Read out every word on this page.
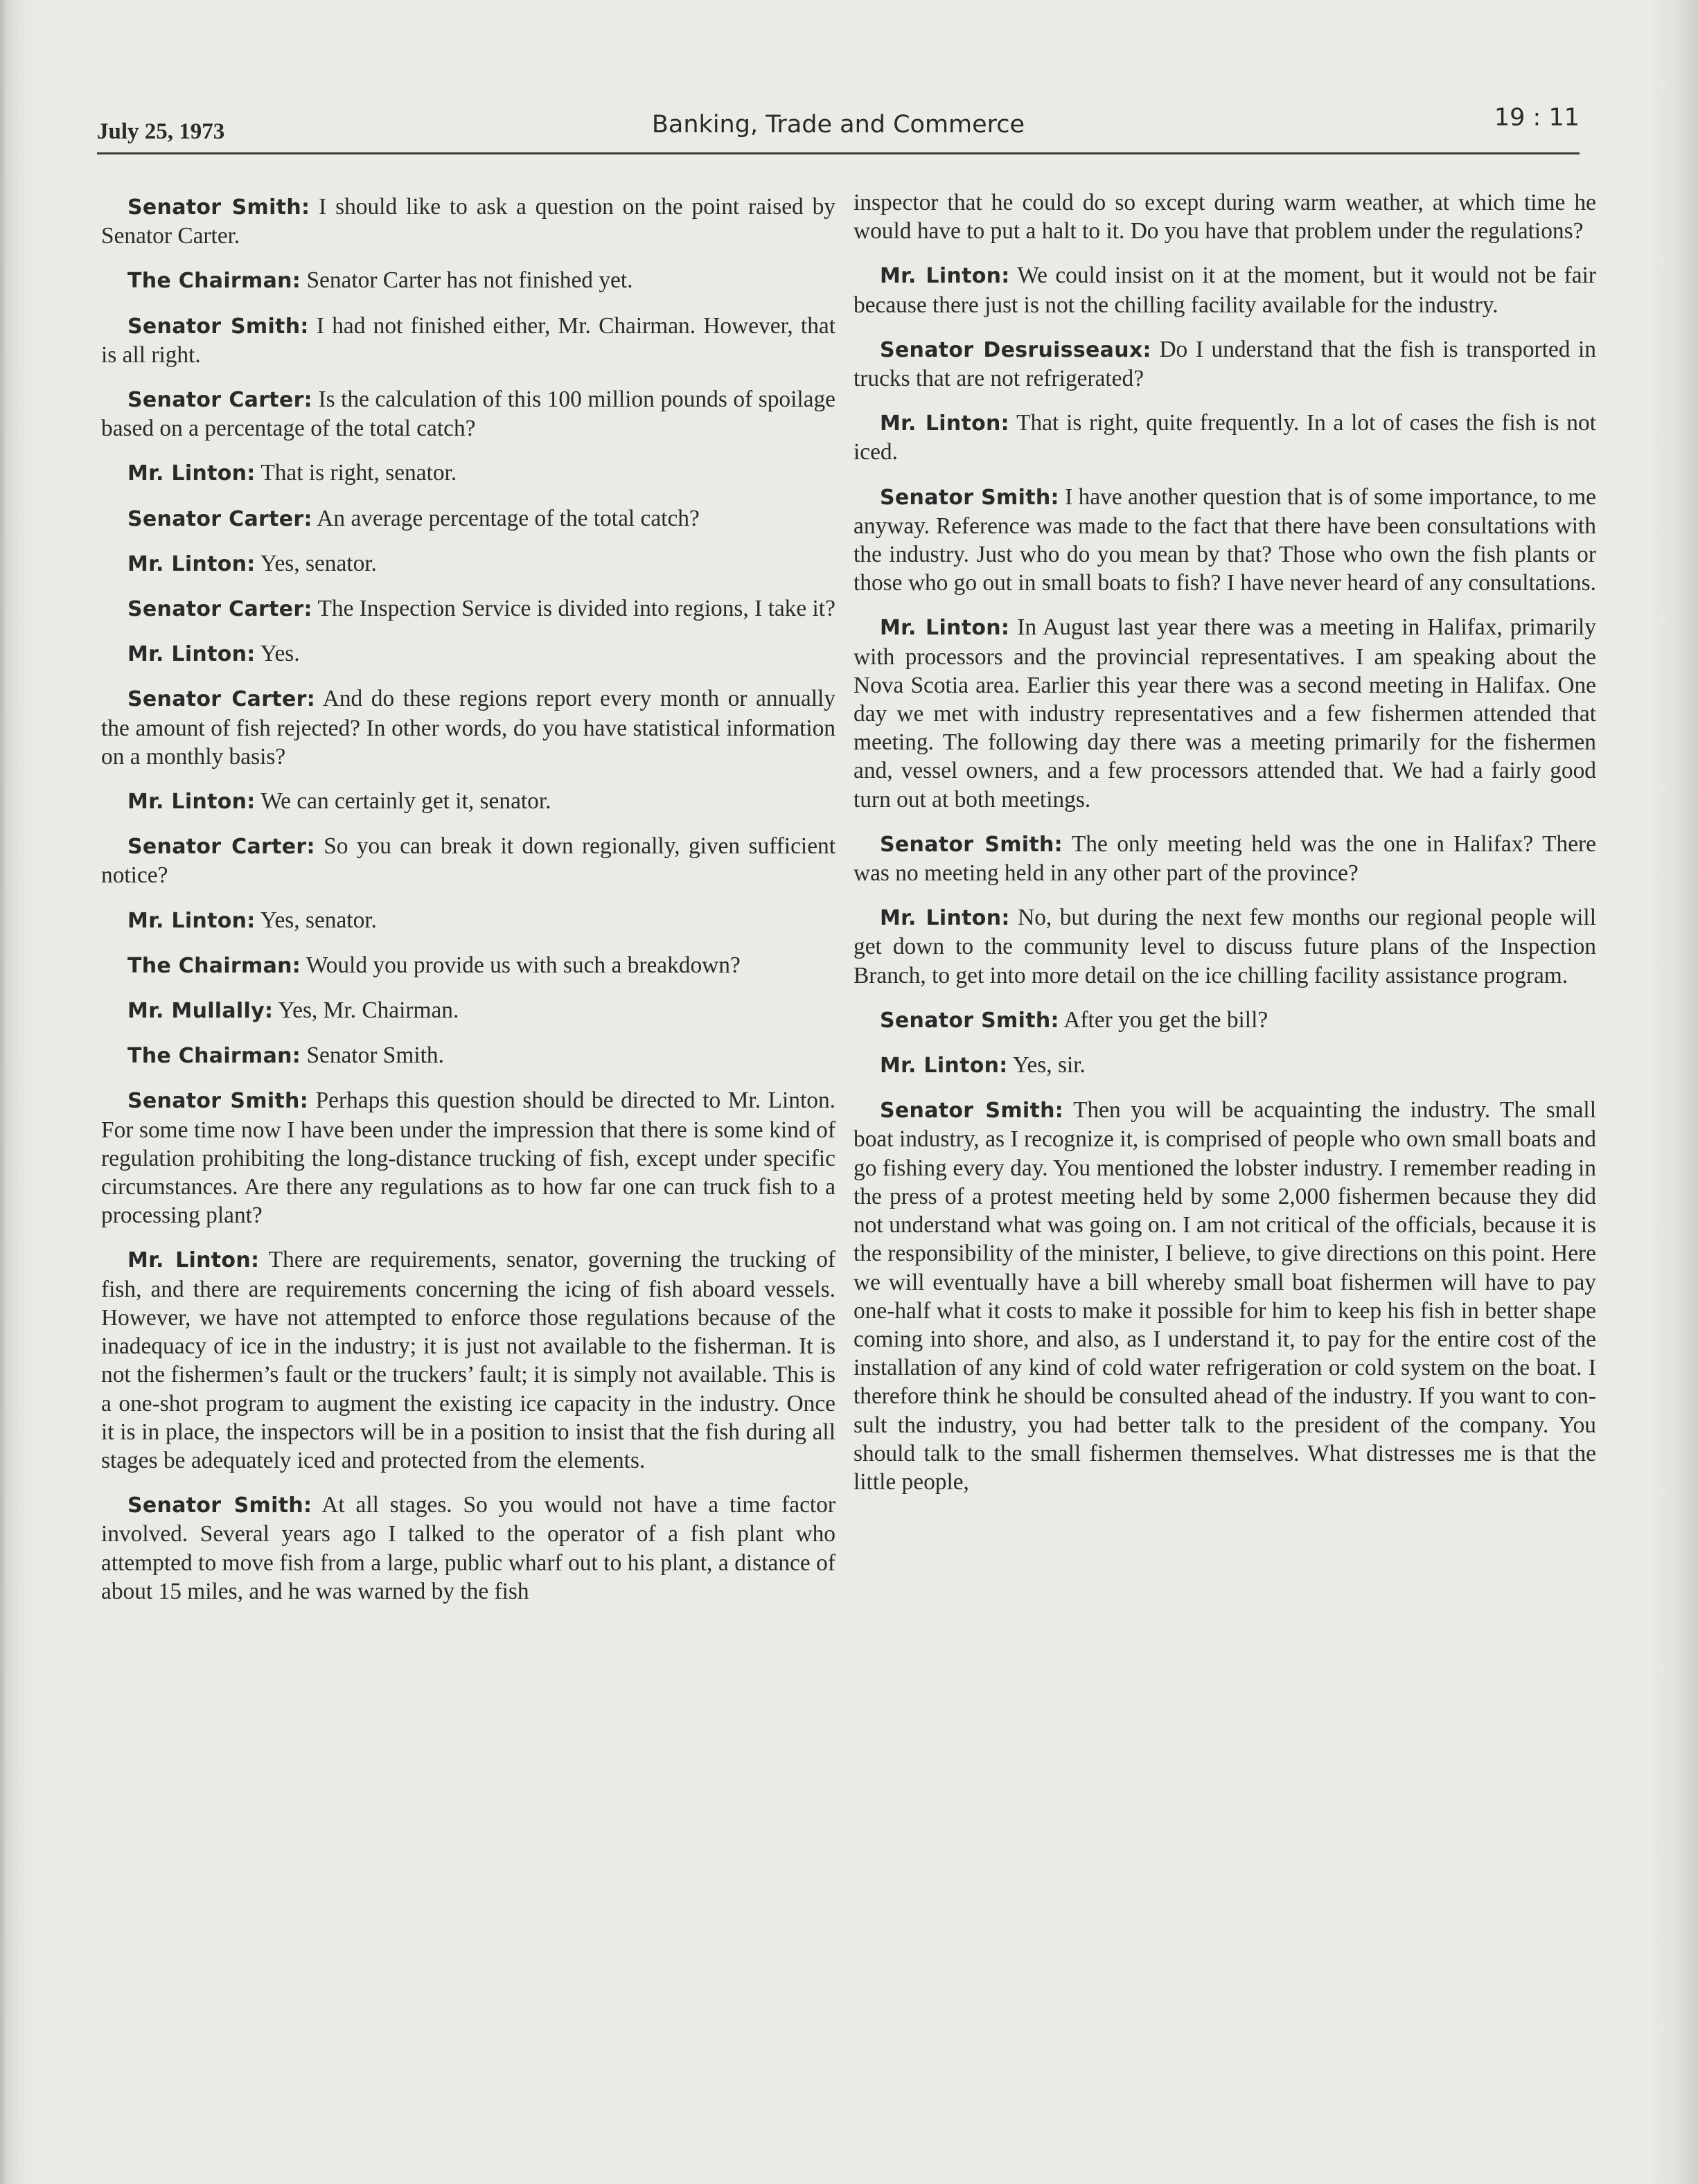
July 25, 1973	Banking, Trade and Commerce	19 : 11

Senator Smith: I should like to ask a question on the point raised by Senator Carter.

The Chairman: Senator Carter has not finished yet.

Senator Smith: I had not finished either, Mr. Chairman. However, that is all right.

Senator Carter: Is the calculation of this 100 million pounds of spoilage based on a percentage of the total catch?

Mr. Linton: That is right, senator.

Senator Carter: An average percentage of the total catch?

Mr. Linton: Yes, senator.

Senator Carter: The Inspection Service is divided into regions, I take it?

Mr. Linton: Yes.

Senator Carter: And do these regions report every month or annually the amount of fish rejected? In other words, do you have statistical information on a monthly basis?

Mr. Linton: We can certainly get it, senator.

Senator Carter: So you can break it down regionally, given sufficient notice?

Mr. Linton: Yes, senator.

The Chairman: Would you provide us with such a breakdown?

Mr. Mullally: Yes, Mr. Chairman.

The Chairman: Senator Smith.

Senator Smith: Perhaps this question should be directed to Mr. Linton. For some time now I have been under the impression that there is some kind of regulation prohibiting the long-distance trucking of fish, except under specific circumstances. Are there any regulations as to how far one can truck fish to a processing plant?

Mr. Linton: There are requirements, senator, governing the trucking of fish, and there are requirements concerning the icing of fish aboard vessels. However, we have not attempted to enforce those regulations because of the inadequacy of ice in the industry; it is just not available to the fisherman. It is not the fishermen’s fault or the truckers’ fault; it is simply not available. This is a one-shot program to augment the existing ice capacity in the industry. Once it is in place, the inspectors will be in a position to insist that the fish during all stages be adequately iced and protected from the elements.

Senator Smith: At all stages. So you would not have a time factor involved. Several years ago I talked to the operator of a fish plant who attempted to move fish from a large, public wharf out to his plant, a distance of about 15 miles, and he was warned by the fish

inspector that he could do so except during warm weather, at which time he would have to put a halt to it. Do you have that problem under the regulations?

Mr. Linton: We could insist on it at the moment, but it would not be fair because there just is not the chilling facility available for the industry.

Senator Desruisseaux: Do I understand that the fish is transported in trucks that are not refrigerated?

Mr. Linton: That is right, quite frequently. In a lot of cases the fish is not iced.

Senator Smith: I have another question that is of some importance, to me anyway. Reference was made to the fact that there have been consultations with the industry. Just who do you mean by that? Those who own the fish plants or those who go out in small boats to fish? I have never heard of any consultations.

Mr. Linton: In August last year there was a meeting in Halifax, primarily with processors and the provincial representatives. I am speaking about the Nova Scotia area. Earlier this year there was a second meeting in Halifax. One day we met with industry representatives and a few fishermen attended that meeting. The following day there was a meeting primarily for the fishermen and, vessel owners, and a few processors attended that. We had a fairly good turn out at both meetings.

Senator Smith: The only meeting held was the one in Halifax? There was no meeting held in any other part of the province?

Mr. Linton: No, but during the next few months our regional people will get down to the community level to discuss future plans of the Inspection Branch, to get into more detail on the ice chilling facility assistance program.

Senator Smith: After you get the bill?

Mr. Linton: Yes, sir.

Senator Smith: Then you will be acquainting the industry. The small boat industry, as I recognize it, is comprised of people who own small boats and go fishing every day. You mentioned the lobster industry. I remember reading in the press of a protest meeting held by some 2,000 fishermen because they did not understand what was going on. I am not critical of the officials, because it is the responsibility of the minister, I believe, to give directions on this point. Here we will eventually have a bill whereby small boat fishermen will have to pay one-half what it costs to make it possible for him to keep his fish in better shape coming into shore, and also, as I understand it, to pay for the entire cost of the installation of any kind of cold water refrigeration or cold system on the boat. I therefore think he should be consulted ahead of the industry. If you want to consult the industry, you had better talk to the president of the company. You should talk to the small fishermen themselves. What distresses me is that the little people,
